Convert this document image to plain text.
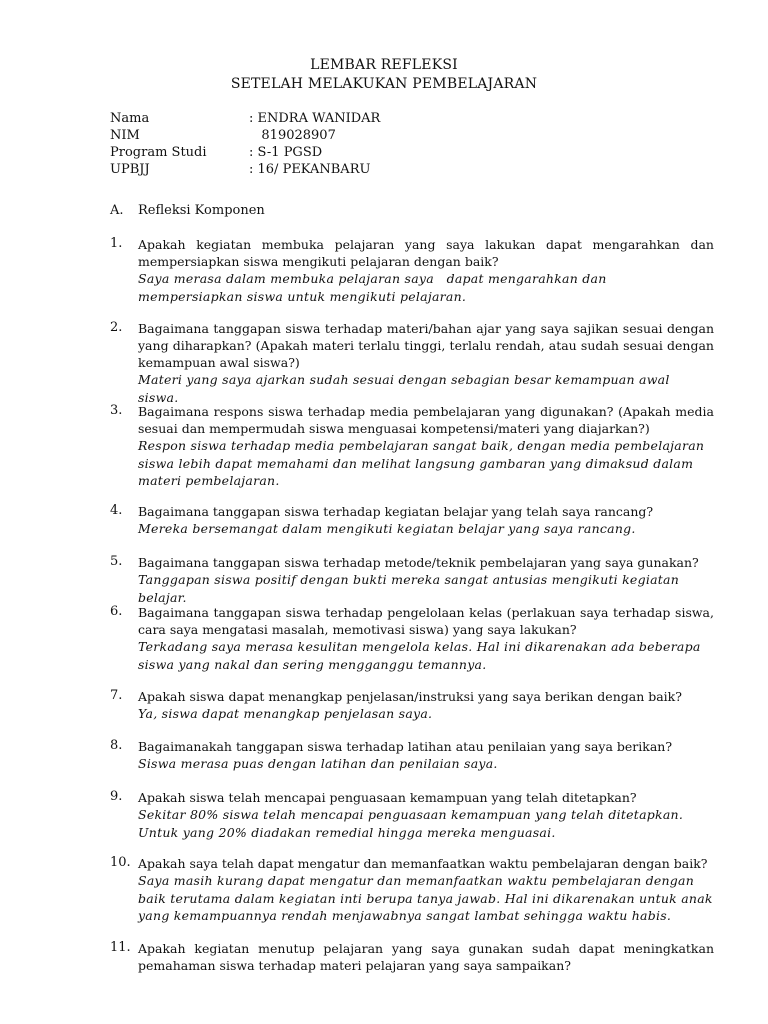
LEMBAR REFLEKSI
SETELAH MELAKUKAN PEMBELAJARAN
Nama	: ENDRA WANIDAR
NIM	819028907
Program Studi	: S-1 PGSD
UPBJJ	: 16/ PEKANBARU
A. Refleksi Komponen
1. Apakah kegiatan membuka pelajaran yang saya lakukan dapat mengarahkan dan mempersiapkan siswa mengikuti pelajaran dengan baik?

Saya merasa dalam membuka pelajaran saya   dapat mengarahkan dan mempersiapkan siswa untuk mengikuti pelajaran.

2. Bagaimana tanggapan siswa terhadap materi/bahan ajar yang saya sajikan sesuai dengan yang diharapkan? (Apakah materi terlalu tinggi, terlalu rendah, atau sudah sesuai dengan kemampuan awal siswa?)

Materi yang saya ajarkan sudah sesuai dengan sebagian besar kemampuan awal siswa.

3. Bagaimana respons siswa terhadap media pembelajaran yang digunakan? (Apakah media sesuai dan mempermudah siswa menguasai kompetensi/materi yang diajarkan?)

Respon siswa terhadap media pembelajaran sangat baik, dengan media pembelajaran siswa lebih dapat memahami dan melihat langsung gambaran yang dimaksud dalam materi pembelajaran.

4. Bagaimana tanggapan siswa terhadap kegiatan belajar yang telah saya rancang?

Mereka bersemangat dalam mengikuti kegiatan belajar yang saya rancang.

5. Bagaimana tanggapan siswa terhadap metode/teknik pembelajaran yang saya gunakan?

Tanggapan siswa positif dengan bukti mereka sangat antusias mengikuti kegiatan belajar.

6. Bagaimana tanggapan siswa terhadap pengelolaan kelas (perlakuan saya terhadap siswa, cara saya mengatasi masalah, memotivasi siswa) yang saya lakukan?

Terkadang saya merasa kesulitan mengelola kelas. Hal ini dikarenakan ada beberapa siswa yang nakal dan sering mengganggu temannya.

7. Apakah siswa dapat menangkap penjelasan/instruksi yang saya berikan dengan baik?

Ya, siswa dapat menangkap penjelasan saya.

8. Bagaimanakah tanggapan siswa terhadap latihan atau penilaian yang saya berikan?

Siswa merasa puas dengan latihan dan penilaian saya.

9. Apakah siswa telah mencapai penguasaan kemampuan yang telah ditetapkan?

Sekitar 80% siswa telah mencapai penguasaan kemampuan yang telah ditetapkan. Untuk yang 20% diadakan remedial hingga mereka menguasai.

10. Apakah saya telah dapat mengatur dan memanfaatkan waktu pembelajaran dengan baik?

Saya masih kurang dapat mengatur dan memanfaatkan waktu pembelajaran dengan baik terutama dalam kegiatan inti berupa tanya jawab. Hal ini dikarenakan untuk anak yang kemampuannya rendah menjawabnya sangat lambat sehingga waktu habis.

11. Apakah kegiatan menutup pelajaran yang saya gunakan sudah dapat meningkatkan pemahaman siswa terhadap materi pelajaran yang saya sampaikan?
